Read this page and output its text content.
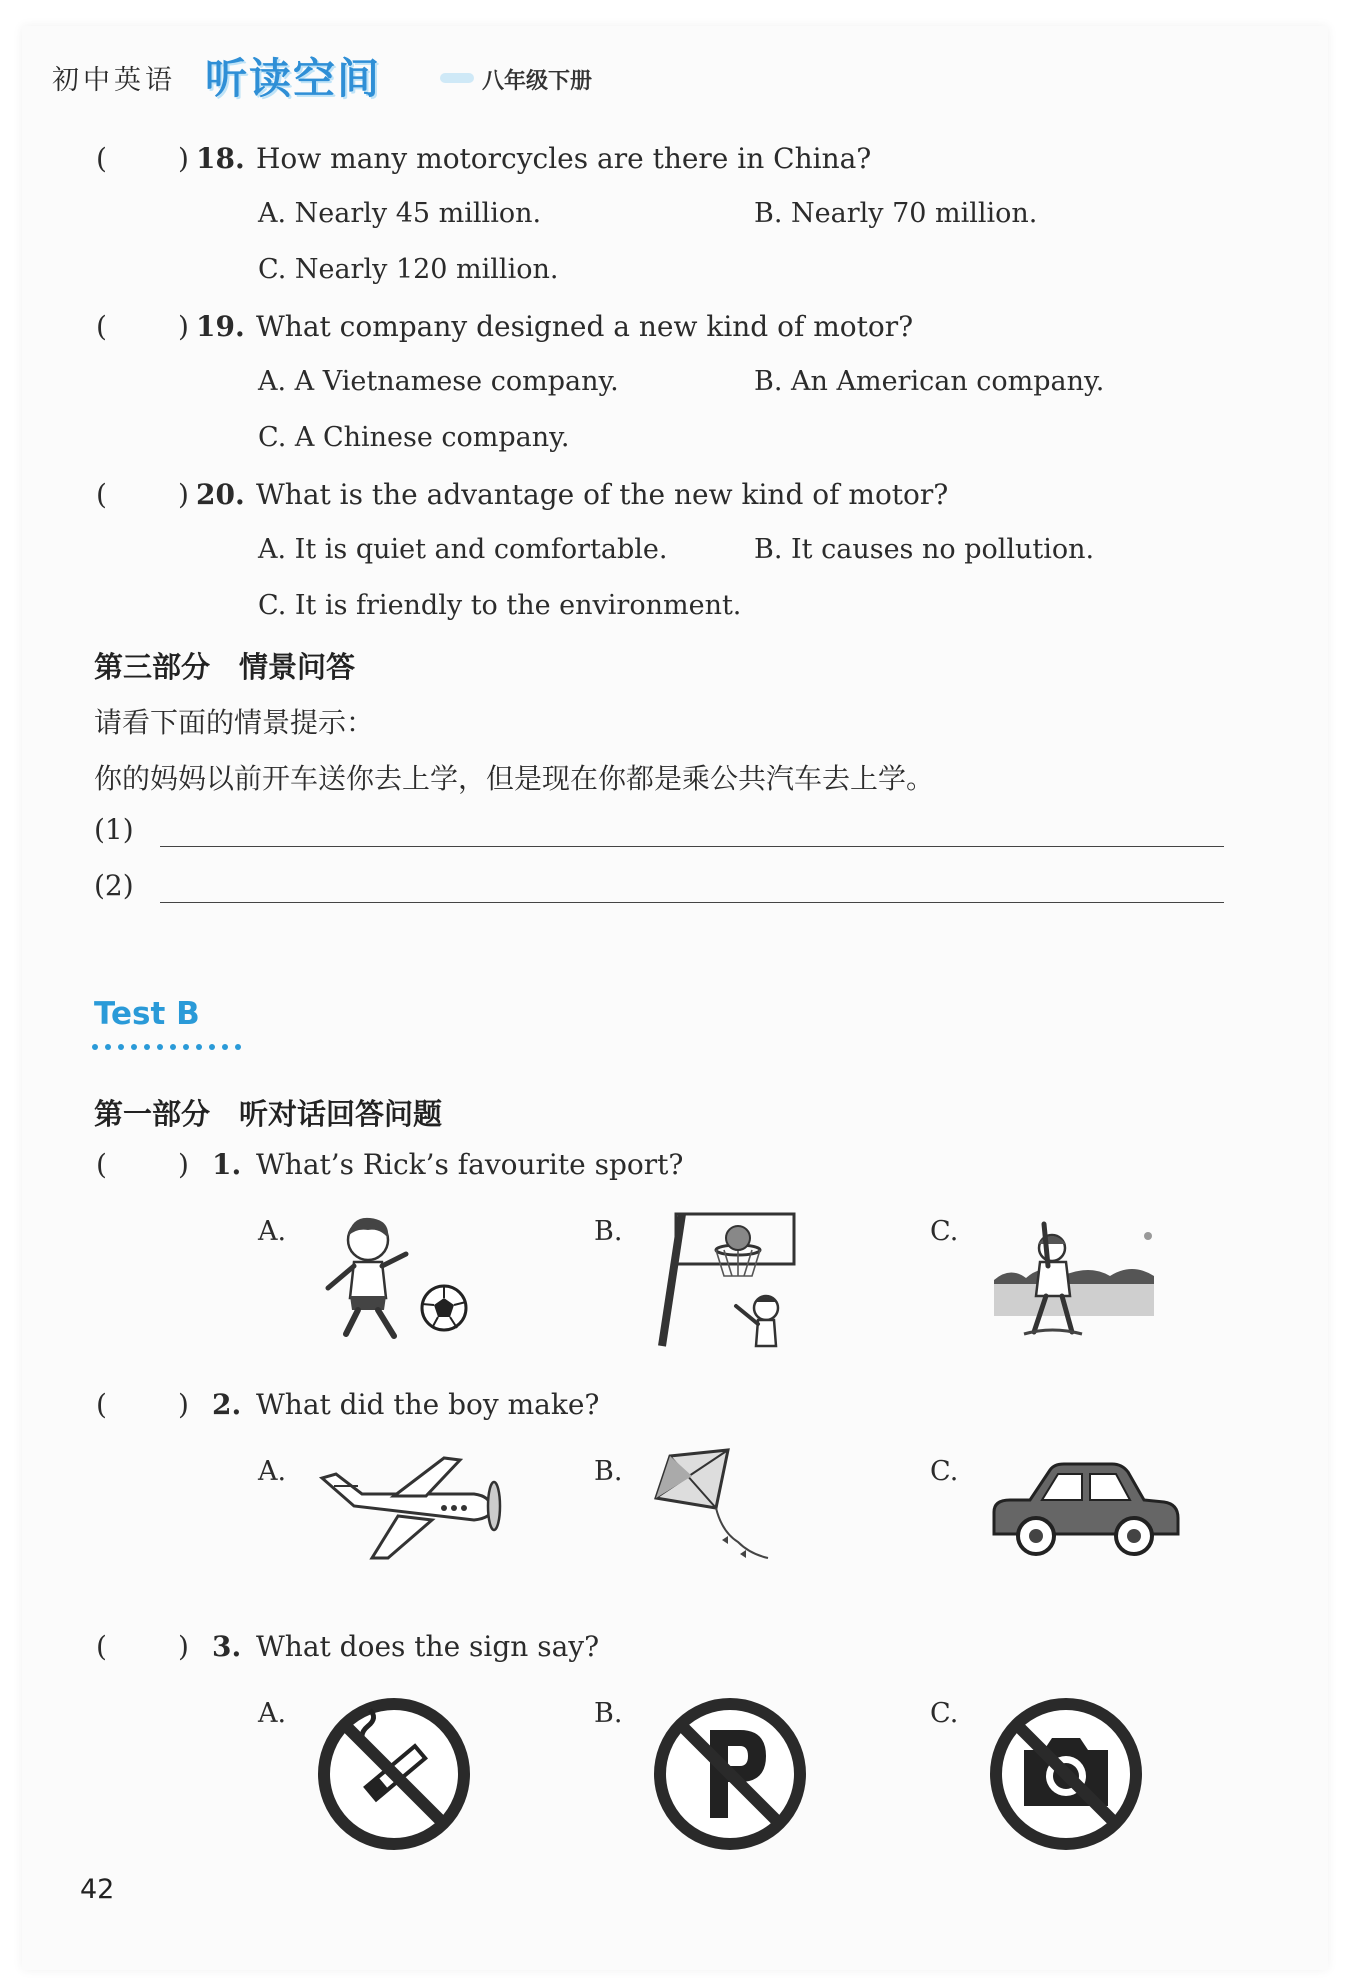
初中英语 听读空间	八年级下册
(	) 18. How many motorcycles are there in China?
A. Nearly 45 million.	B. Nearly 70 million.
C. Nearly 120 million.
(	) 19. What company designed a new kind of motor?
A. A Vietnamese company.	B. An American company.
C. A Chinese company.
(	) 20. What is the advantage of the new kind of motor?
A. It is quiet and comfortable.	B. It causes no pollution.
C. It is friendly to the environment.
第三部分　情景问答
请看下面的情景提示：
你的妈妈以前开车送你去上学，但是现在你都是乘公共汽车去上学。
(1)
(2)
Test B
第一部分　听对话回答问题
(	) 1. What’s Rick’s favourite sport?
A.	B.	C.
(	) 2. What did the boy make?
A.	B.	C.
(	) 3. What does the sign say?
A.	B.	C.
42
